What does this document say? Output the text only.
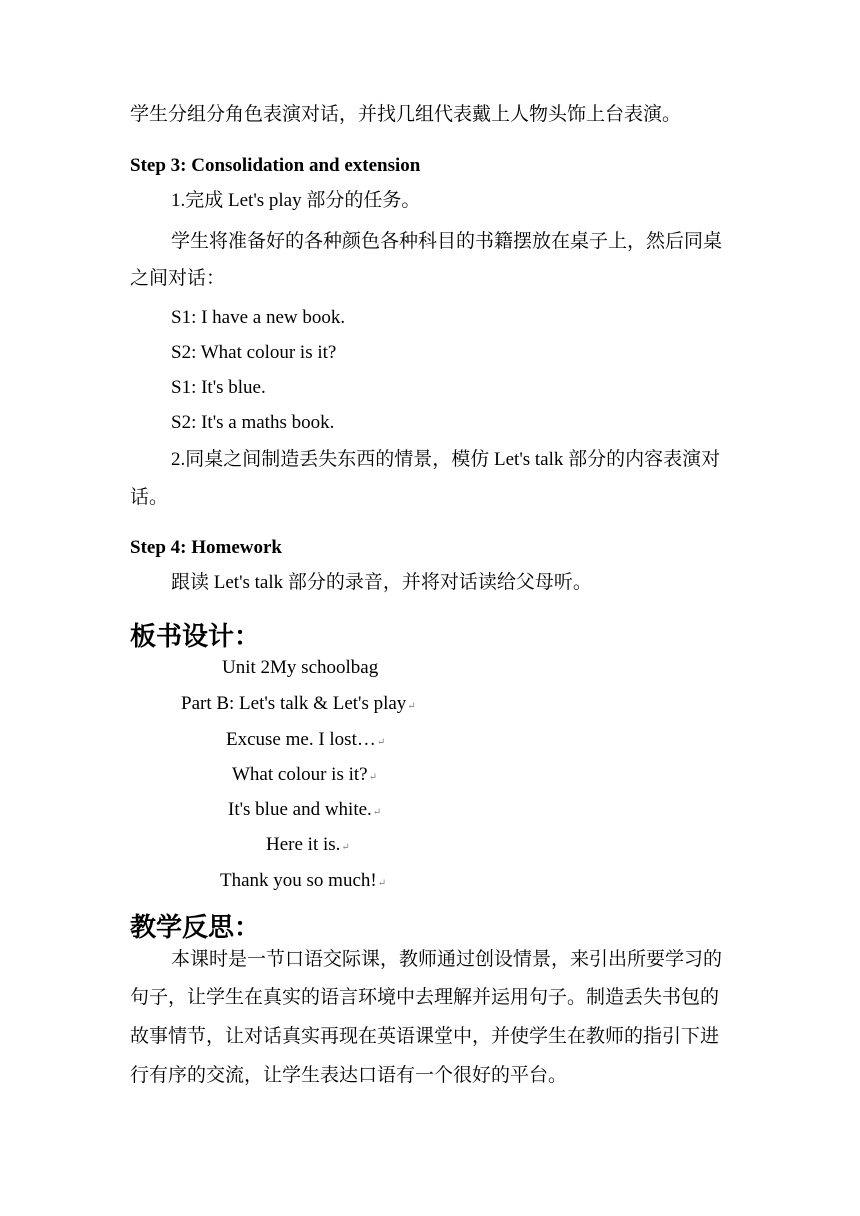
学生分组分角色表演对话，并找几组代表戴上人物头饰上台表演。
Step 3: Consolidation and extension
1.完成 Let's play 部分的任务。
学生将准备好的各种颜色各种科目的书籍摆放在桌子上，然后同桌
之间对话：
S1: I have a new book.
S2: What colour is it?
S1: It's blue.
S2: It's a maths book.
2.同桌之间制造丢失东西的情景，模仿 Let's talk 部分的内容表演对
话。
Step 4: Homework
跟读 Let's talk 部分的录音，并将对话读给父母听。
板书设计：
Unit 2My schoolbag
Part B: Let's talk & Let's play↵
Excuse me. I lost…↵
What colour is it?↵
It's blue and white.↵
Here it is.↵
Thank you so much!↵
教学反思：
本课时是一节口语交际课，教师通过创设情景，来引出所要学习的
句子，让学生在真实的语言环境中去理解并运用句子。制造丢失书包的
故事情节，让对话真实再现在英语课堂中，并使学生在教师的指引下进
行有序的交流，让学生表达口语有一个很好的平台。
